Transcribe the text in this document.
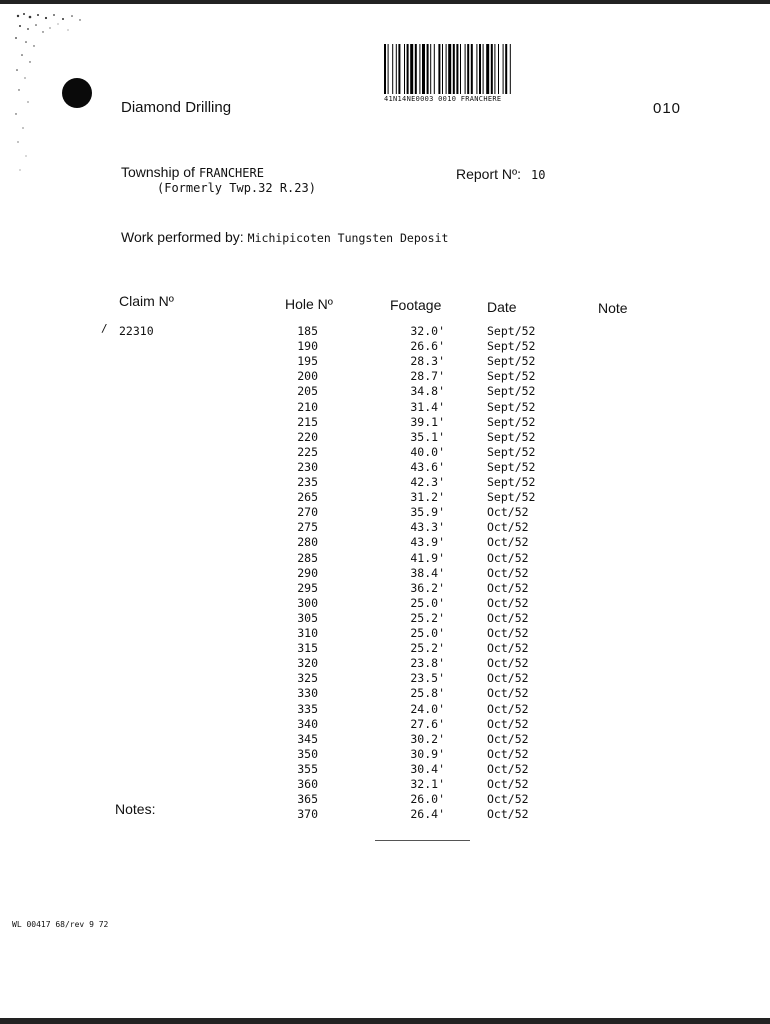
41N14NE0003 0010 FRANCHERE
Diamond Drilling	010
Township of FRANCHERE
(Formerly Twp.32 R.23)
Report Nº: 10
Work performed by: Michipicoten Tungsten Deposit
Claim Nº	Hole Nº	Footage	Date	Note
/ 22310	185	32.0'	Sept/52
190	26.6'	Sept/52
195	28.3'	Sept/52
200	28.7'	Sept/52
205	34.8'	Sept/52
210	31.4'	Sept/52
215	39.1'	Sept/52
220	35.1'	Sept/52
225	40.0'	Sept/52
230	43.6'	Sept/52
235	42.3'	Sept/52
265	31.2'	Sept/52
270	35.9'	Oct/52
275	43.3'	Oct/52
280	43.9'	Oct/52
285	41.9'	Oct/52
290	38.4'	Oct/52
295	36.2'	Oct/52
300	25.0'	Oct/52
305	25.2'	Oct/52
310	25.0'	Oct/52
315	25.2'	Oct/52
320	23.8'	Oct/52
325	23.5'	Oct/52
330	25.8'	Oct/52
335	24.0'	Oct/52
340	27.6'	Oct/52
345	30.2'	Oct/52
350	30.9'	Oct/52
355	30.4'	Oct/52
360	32.1'	Oct/52
365	26.0'	Oct/52
370	26.4'	Oct/52
Notes:
WL 00417 68/rev 9 72
